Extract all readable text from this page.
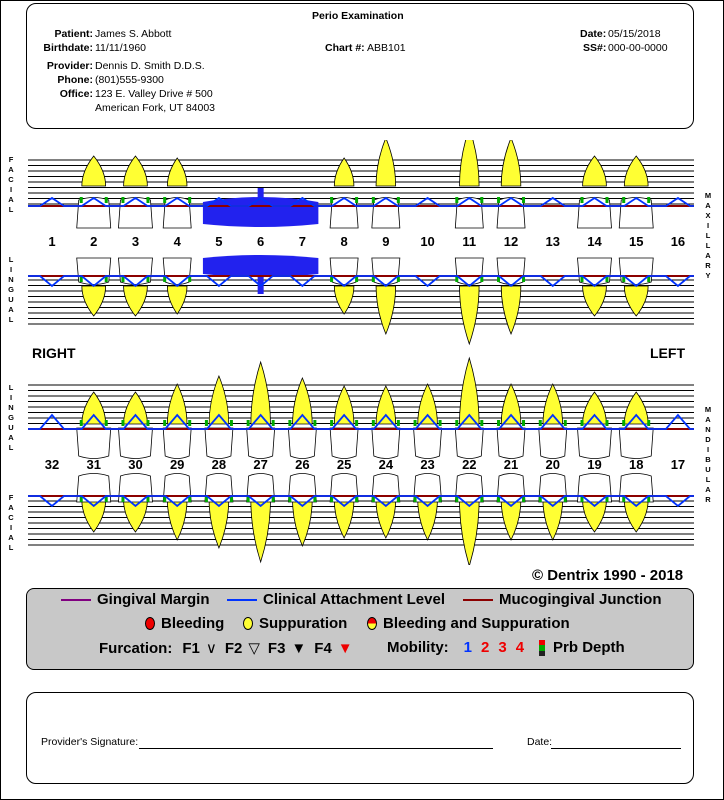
Perio Examination
Patient: James S. Abbott
Birthdate: 11/11/1960	Chart #: ABB101
Date: 05/15/2018
SS#: 000-00-0000
Provider: Dennis D. Smith D.D.S.
Phone: (801)555-9300
Office: 123 E. Valley Drive # 500
American Fork, UT 84003
1	2	3	4	5	6	7	8	9 10 11 12 13 14 15 16
32 31 30 29 28 27 26 25 24 23 22 21 20 19 18 17
RIGHT	LEFT
F
A
C
I
A
L
L
I
N
G
U
A
L
L
I
N
G
U
A
L
F
A
C
I
A
L
M
A
X
I
L
L
A
R
Y
M
A
N
D
I
B
U
L
A
R
© Dentrix 1990 - 2018
Gingival Margin	Clinical Attachment Level	Mucogingival Junction
Bleeding Suppuration Bleeding and Suppuration
Furcation: F1 ∨ F2 ▽ F3 ▼ F4 ▼ Mobility: 1 2 3 4 Prb Depth
Provider's Signature:	Date:
